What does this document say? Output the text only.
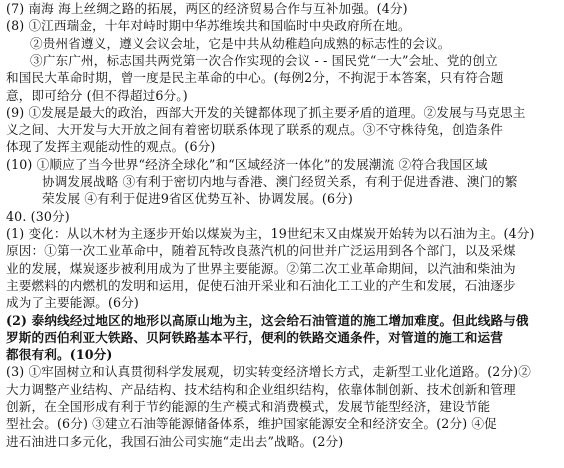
(7) 南海 海上丝绸之路的拓展，两区的经济贸易合作与互补加强。(4分)
(8) ①江西瑞金，十年对峙时期中华苏维埃共和国临时中央政府所在地。
②贵州省遵义，遵义会议会址，它是中共从幼稚趋向成熟的标志性的会议。
③广东广州，标志国共两党第一次合作实现的会议 - - 国民党“一大”会址、党的创立
和国民大革命时期，曾一度是民主革命的中心。(每例2分，不拘泥于本答案，只有符合题
意，即可给分 (但不得超过6分。)
(9) ①发展是最大的政治，西部大开发的关键都体现了抓主要矛盾的道理。②发展与马克思主
义之间、大开发与大开放之间有着密切联系体现了联系的观点。③不守株待兔，创造条件
体现了发挥主观能动性的观点。(6分)
(10) ①顺应了当今世界“经济全球化”和“区域经济一体化”的发展潮流 ②符合我国区域
协调发展战略 ③有利于密切内地与香港、澳门经贸关系，有利于促进香港、澳门的繁
荣发展 ④有利于促进9省区优势互补、协调发展。(6分)
40. (30分)
(1) 变化：从以木材为主逐步开始以煤炭为主，19世纪末又由煤炭开始转为以石油为主。(4分)
原因：①第一次工业革命中，随着瓦特改良蒸汽机的问世并广泛运用到各个部门，以及采煤
业的发展，煤炭逐步被利用成为了世界主要能源。②第二次工业革命期间，以汽油和柴油为
主要燃料的内燃机的发明和运用，促使石油开采业和石油化工工业的产生和发展，石油逐步
成为了主要能源。(6分)
(2) 泰纳线经过地区的地形以高原山地为主，这会给石油管道的施工增加难度。但此线路与俄
罗斯的西伯利亚大铁路、贝阿铁路基本平行，便利的铁路交通条件，对管道的施工和运营
都很有利。(10分)
(3) ①牢固树立和认真贯彻科学发展观，切实转变经济增长方式，走新型工业化道路。(2分)②
大力调整产业结构、产品结构、技术结构和企业组织结构，依靠体制创新、技术创新和管理
创新，在全国形成有利于节约能源的生产模式和消费模式，发展节能型经济，建设节能
型社会。(6分) ③建立石油等能源储备体系，维护国家能源安全和经济安全。(2分) ④促
进石油进口多元化，我国石油公司实施“走出去”战略。(2分)
